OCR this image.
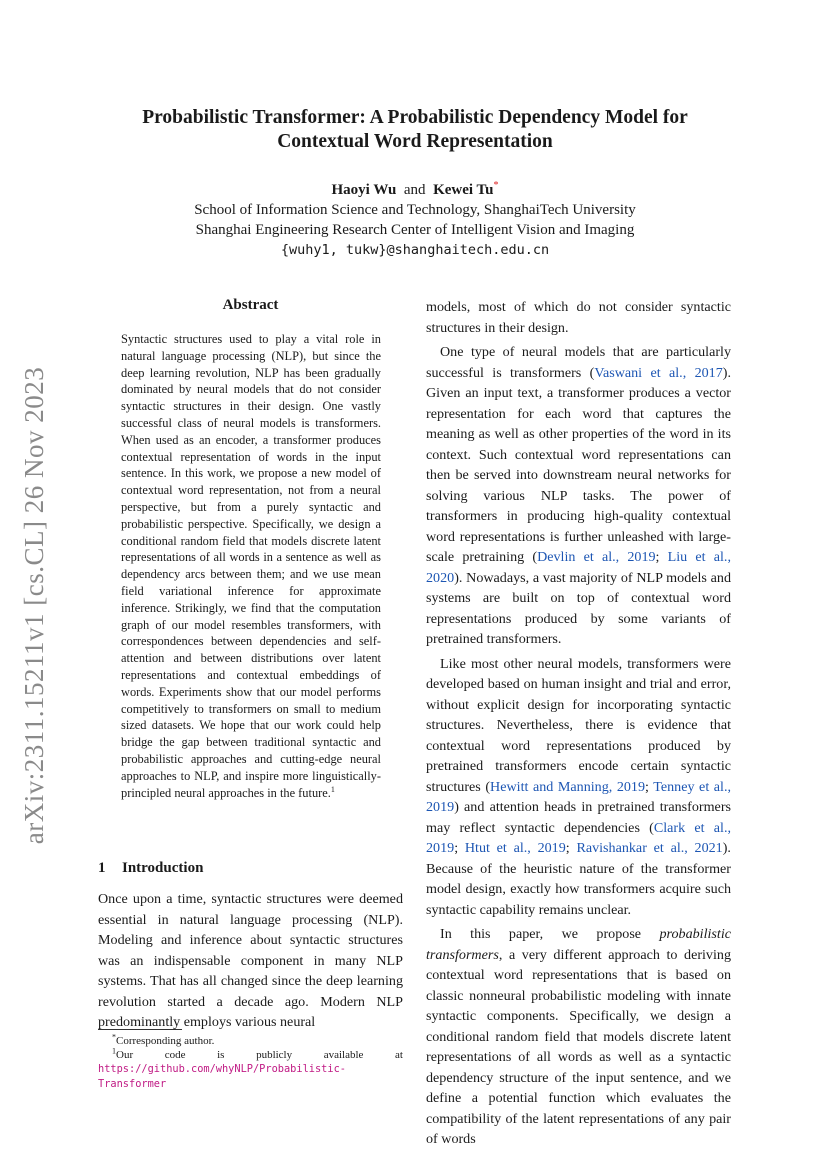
arXiv:2311.15211v1 [cs.CL] 26 Nov 2023
Probabilistic Transformer: A Probabilistic Dependency Model for
Contextual Word Representation
Haoyi Wu and Kewei Tu*
School of Information Science and Technology, ShanghaiTech University
Shanghai Engineering Research Center of Intelligent Vision and Imaging
{wuhy1, tukw}@shanghaitech.edu.cn
Abstract
Syntactic structures used to play a vital role in natural language processing (NLP), but since the deep learning revolution, NLP has been gradually dominated by neural models that do not consider syntactic structures in their design. One vastly successful class of neural models is transformers. When used as an encoder, a transformer produces contextual representation of words in the input sentence. In this work, we propose a new model of contextual word representation, not from a neural perspective, but from a purely syntactic and probabilistic perspective. Specifically, we design a conditional random field that models discrete latent representations of all words in a sentence as well as dependency arcs between them; and we use mean field variational inference for approximate inference. Strikingly, we find that the computation graph of our model resembles transformers, with correspondences between dependencies and self-attention and between distributions over latent representations and contextual embeddings of words. Experiments show that our model performs competitively to transformers on small to medium sized datasets. We hope that our work could help bridge the gap between traditional syntactic and probabilistic approaches and cutting-edge neural approaches to NLP, and inspire more linguistically-principled neural approaches in the future.$^1$
1 Introduction
Once upon a time, syntactic structures were deemed essential in natural language processing (NLP). Modeling and inference about syntactic structures was an indispensable component in many NLP systems. That has all changed since the deep learning revolution started a decade ago. Modern NLP predominantly employs various neural

*Corresponding author.

$^1$Our code is publicly available at https://github.com/whyNLP/Probabilistic-Transformer

models, most of which do not consider syntactic structures in their design.

One type of neural models that are particularly successful is transformers (Vaswani et al., 2017). Given an input text, a transformer produces a vector representation for each word that captures the meaning as well as other properties of the word in its context. Such contextual word representations can then be served into downstream neural networks for solving various NLP tasks. The power of transformers in producing high-quality contextual word representations is further unleashed with large-scale pretraining (Devlin et al., 2019; Liu et al., 2020). Nowadays, a vast majority of NLP models and systems are built on top of contextual word representations produced by some variants of pretrained transformers.

Like most other neural models, transformers were developed based on human insight and trial and error, without explicit design for incorporating syntactic structures. Nevertheless, there is evidence that contextual word representations produced by pretrained transformers encode certain syntactic structures (Hewitt and Manning, 2019; Tenney et al., 2019) and attention heads in pretrained transformers may reflect syntactic dependencies (Clark et al., 2019; Htut et al., 2019; Ravishankar et al., 2021). Because of the heuristic nature of the transformer model design, exactly how transformers acquire such syntactic capability remains unclear.

In this paper, we propose probabilistic transformers, a very different approach to deriving contextual word representations that is based on classic nonneural probabilistic modeling with innate syntactic components. Specifically, we design a conditional random field that models discrete latent representations of all words as well as a syntactic dependency structure of the input sentence, and we define a potential function which evaluates the compatibility of the latent representations of any pair of words
